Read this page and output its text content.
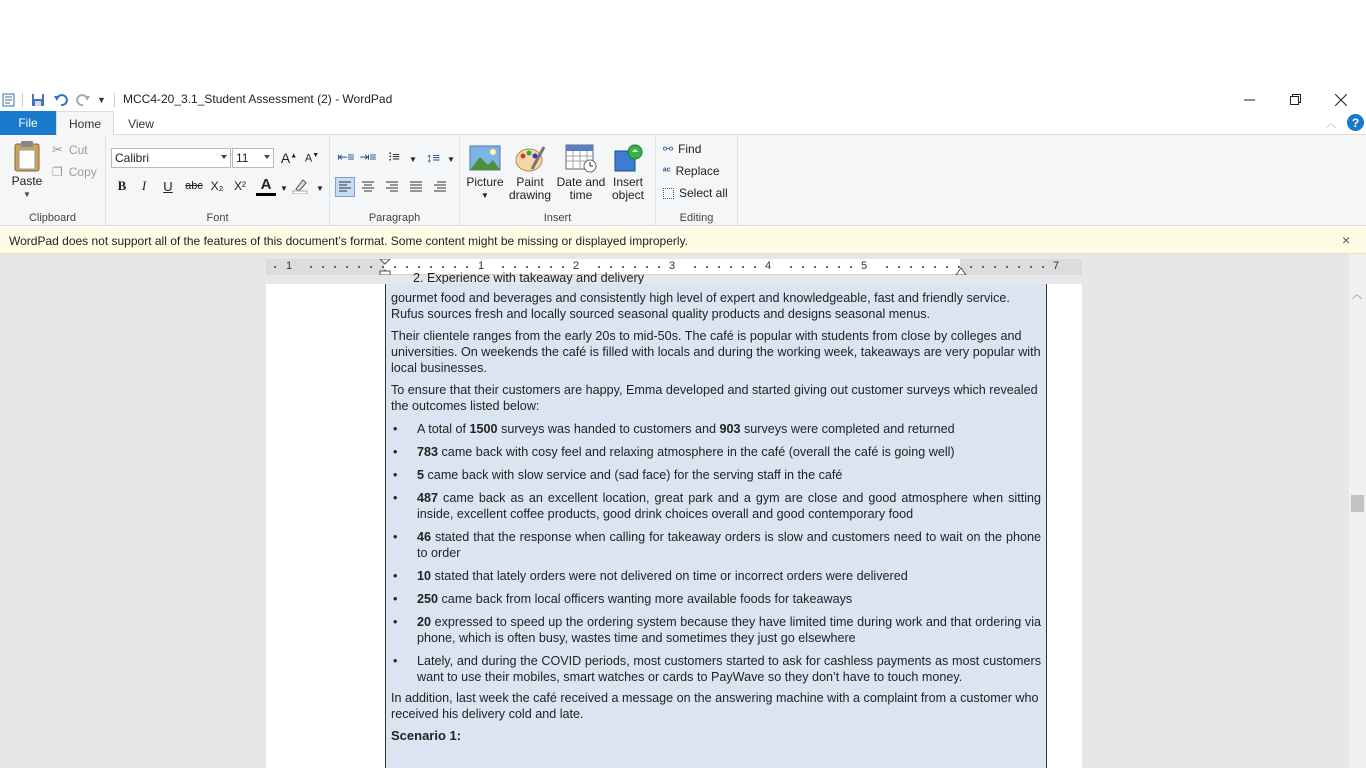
▼ MCC4-20_3.1_Student Assessment (2) - WordPad
File	Home	View	︿	?
Paste
▼
✂ Cut
❐ Copy
Clipboard
Calibri	11 A▲ A▼
B	I	U	abc X₂ X² A	▼	▼
Font
⇤≡ ⇥≡ ⁝≡	▼ ↕≡ ▼
Paragraph
Picture
▼
Paint
drawing
Date and
time
Insert
object
Insert
⚯ Find
ᵃᶜ Replace
Select all
Editing
WordPad does not support all of the features of this document’s format. Some content might be missing or displayed improperly.	×
1	1	2	3	4	5	7

2. Experience with takeaway and delivery

gourmet food and beverages and consistently high level of expert and knowledgeable, fast and friendly service. Rufus sources fresh and locally sourced seasonal quality products and designs seasonal menus.

Their clientele ranges from the early 20s to mid-50s. The café is popular with students from close by colleges and universities. On weekends the café is filled with locals and during the working week, takeaways are very popular with local businesses.

To ensure that their customers are happy, Emma developed and started giving out customer surveys which revealed the outcomes listed below:

• A total of 1500 surveys was handed to customers and 903 surveys were completed and returned
• 783 came back with cosy feel and relaxing atmosphere in the café (overall the café is going well)
• 5 came back with slow service and (sad face) for the serving staff in the café
• 487 came back as an excellent location, great park and a gym are close and good atmosphere when sitting inside, excellent coffee products, good drink choices overall and good contemporary food
• 46 stated that the response when calling for takeaway orders is slow and customers need to wait on the phone to order
• 10 stated that lately orders were not delivered on time or incorrect orders were delivered
• 250 came back from local officers wanting more available foods for takeaways
• 20 expressed to speed up the ordering system because they have limited time during work and that ordering via phone, which is often busy, wastes time and sometimes they just go elsewhere
• Lately, and during the COVID periods, most customers started to ask for cashless payments as most customers want to use their mobiles, smart watches or cards to PayWave so they don’t have to touch money.

In addition, last week the café received a message on the answering machine with a complaint from a customer who received his delivery cold and late.

Scenario 1:

︿
